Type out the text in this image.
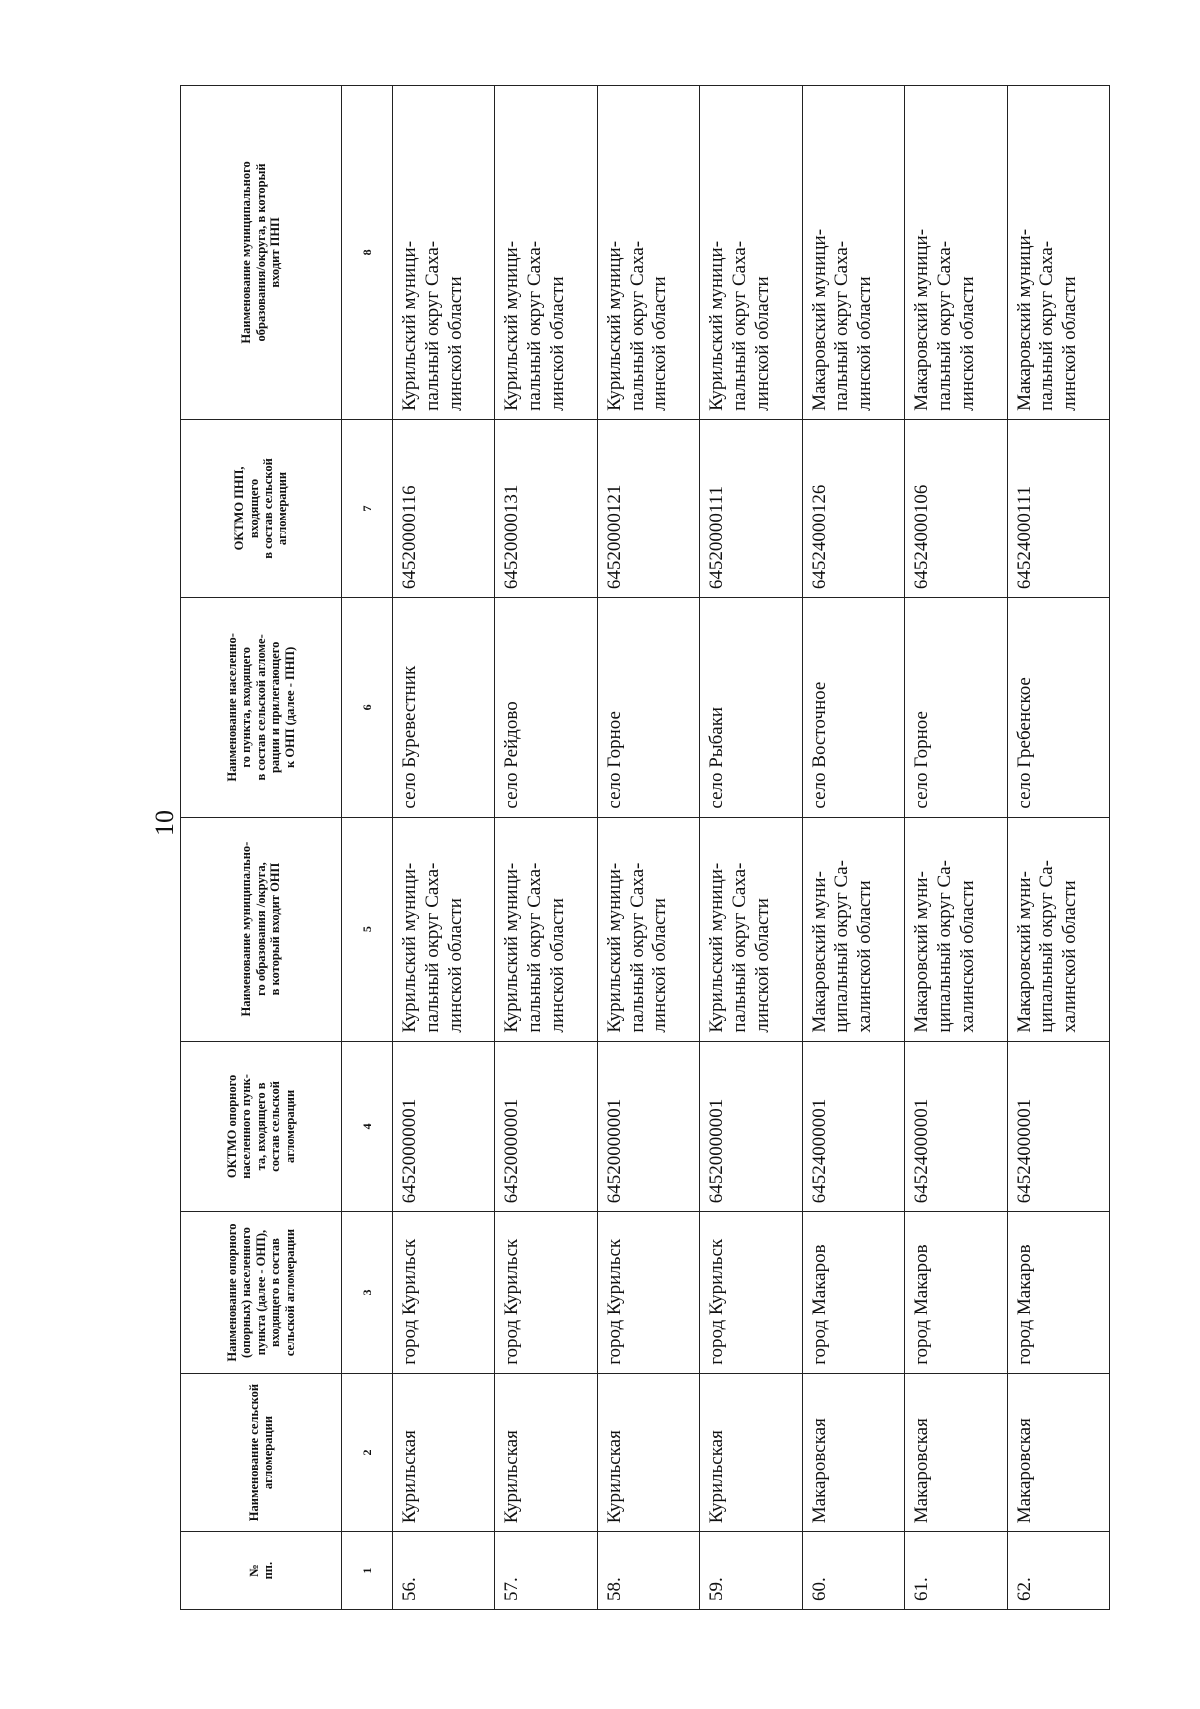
10
№
пп.	Наименование сельской
агломерации	Наименование опорного
(опорных) населенного
пункта (далее - ОНП),
входящего в состав
сельской агломерации	ОКТМО опорного
населенного пунк-
та, входящего в
состав сельской
агломерации	Наименование муниципально-
го образования /округа,
в который входит ОНП	Наименование населенно-
го пункта, входящего
в состав сельской агломе-
рации и прилегающего
к ОНП (далее - ПНП)	ОКТМО ПНП,
входящего
в состав сельской
агломерации	Наименование муниципального
образования/округа, в который
входит ПНП
1	2	3	4	5	6	7	8
56.	Курильская	город Курильск	64520000001	Курильский муници-
пальный округ Саха-
линской области	село Буревестник	64520000116	Курильский муници-
пальный округ Саха-
линской области
57.	Курильская	город Курильск	64520000001	Курильский муници-
пальный округ Саха-
линской области	село Рейдово	64520000131	Курильский муници-
пальный округ Саха-
линской области
58.	Курильская	город Курильск	64520000001	Курильский муници-
пальный округ Саха-
линской области	село Горное	64520000121	Курильский муници-
пальный округ Саха-
линской области
59.	Курильская	город Курильск	64520000001	Курильский муници-
пальный округ Саха-
линской области	село Рыбаки	64520000111	Курильский муници-
пальный округ Саха-
линской области
60.	Макаровская	город Макаров	64524000001	Макаровский муни-
ципальный округ Са-
халинской области	село Восточное	64524000126	Макаровский муници-
пальный округ Саха-
линской области
61.	Макаровская	город Макаров	64524000001	Макаровский муни-
ципальный округ Са-
халинской области	село Горное	64524000106	Макаровский муници-
пальный округ Саха-
линской области
62.	Макаровская	город Макаров	64524000001	Макаровский муни-
ципальный округ Са-
халинской области	село Гребенское	64524000111	Макаровский муници-
пальный округ Саха-
линской области
